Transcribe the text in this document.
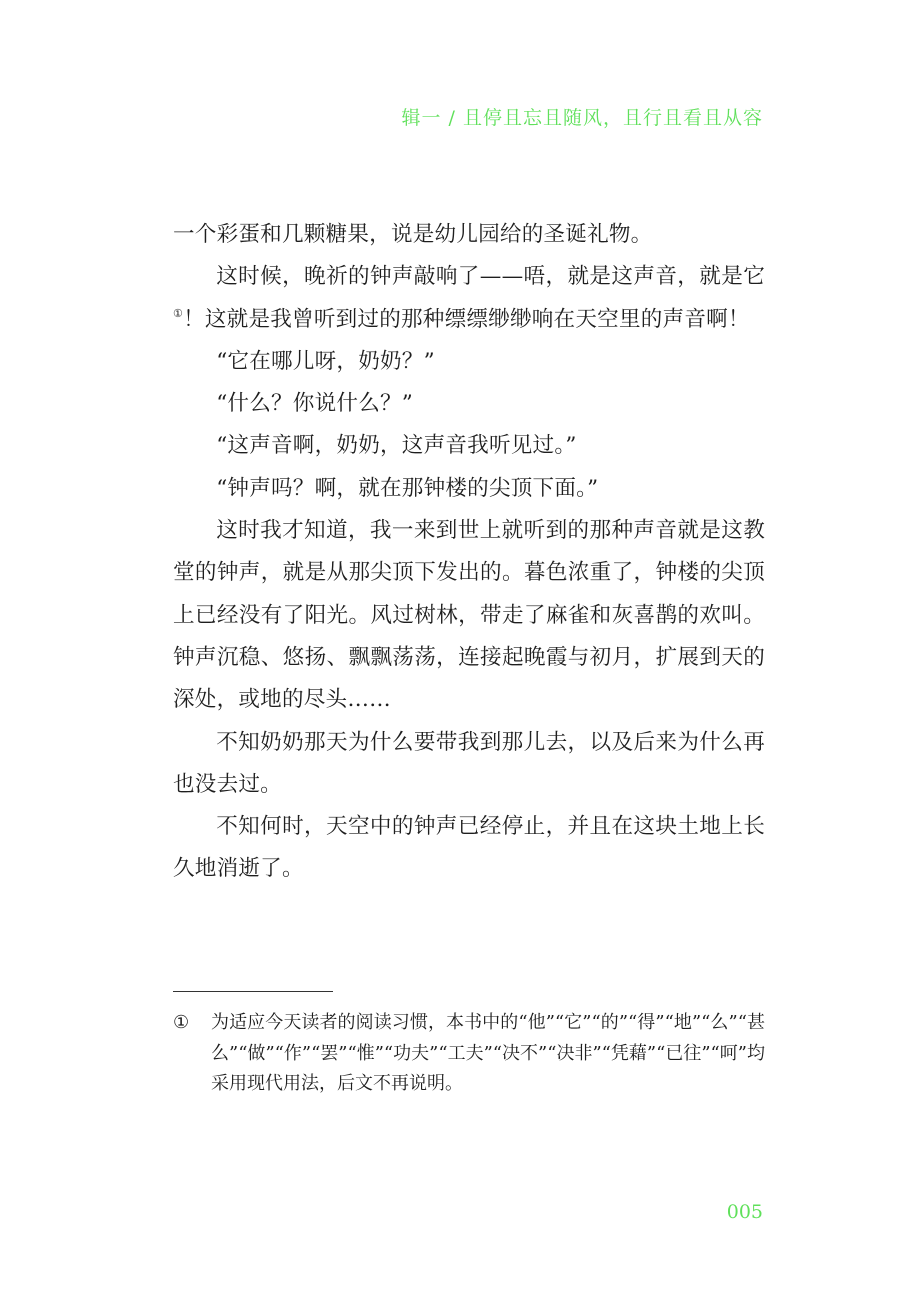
辑一 / 且停且忘且随风，且行且看且从容

一个彩蛋和几颗糖果，说是幼儿园给的圣诞礼物。

这时候，晚祈的钟声敲响了——唔，就是这声音，就是它①！这就是我曾听到过的那种缥缥缈缈响在天空里的声音啊！

“它在哪儿呀，奶奶？”

“什么？你说什么？”

“这声音啊，奶奶，这声音我听见过。”

“钟声吗？啊，就在那钟楼的尖顶下面。”

这时我才知道，我一来到世上就听到的那种声音就是这教堂的钟声，就是从那尖顶下发出的。暮色浓重了，钟楼的尖顶上已经没有了阳光。风过树林，带走了麻雀和灰喜鹊的欢叫。钟声沉稳、悠扬、飘飘荡荡，连接起晚霞与初月，扩展到天的深处，或地的尽头……

不知奶奶那天为什么要带我到那儿去，以及后来为什么再也没去过。

不知何时，天空中的钟声已经停止，并且在这块土地上长久地消逝了。

① 为适应今天读者的阅读习惯，本书中的“他”“它”“的”“得”“地”“么”“甚么”“做”“作”“罢”“惟”“功夫”“工夫”“决不”“决非”“凭藉”“已往”“呵”均采用现代用法，后文不再说明。
005
